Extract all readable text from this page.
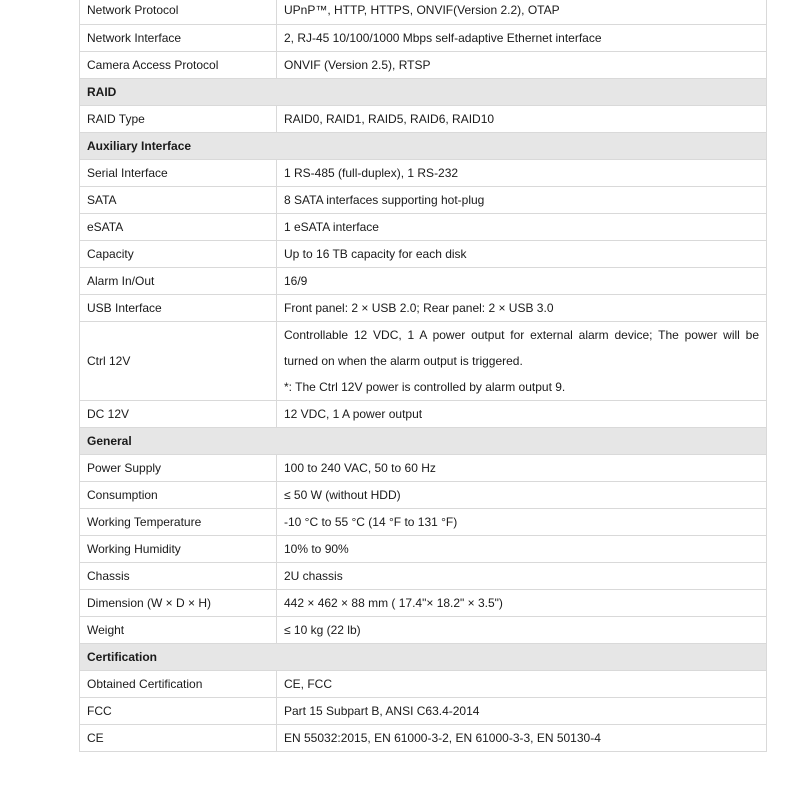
Network Protocol	UPnP™, HTTP, HTTPS, ONVIF(Version 2.2), OTAP

Network Interface	2, RJ-45 10/100/1000 Mbps self-adaptive Ethernet interface

Camera Access Protocol	ONVIF (Version 2.5), RTSP

RAID	
RAID Type	RAID0, RAID1, RAID5, RAID6, RAID10

Auxiliary Interface	
Serial Interface	1 RS-485 (full-duplex), 1 RS-232

SATA	8 SATA interfaces supporting hot-plug

eSATA	1 eSATA interface

Capacity	Up to 16 TB capacity for each disk

Alarm In/Out	16/9

USB Interface	Front panel: 2 × USB 2.0; Rear panel: 2 × USB 3.0

Ctrl 12V	Controllable 12 VDC, 1 A power output for external alarm device; The power will be
turned on when the alarm output is triggered.
*: The Ctrl 12V power is controlled by alarm output 9.

DC 12V	12 VDC, 1 A power output

General	
Power Supply	100 to 240 VAC, 50 to 60 Hz

Consumption	≤ 50 W (without HDD)

Working Temperature	-10 °C to 55 °C (14 °F to 131 °F)

Working Humidity	10% to 90%

Chassis	2U chassis

Dimension (W × D × H)	442 × 462 × 88 mm ( 17.4"× 18.2" × 3.5")

Weight	≤ 10 kg (22 lb)

Certification	
Obtained Certification	CE, FCC

FCC	Part 15 Subpart B, ANSI C63.4-2014

CE	EN 55032:2015, EN 61000-3-2, EN 61000-3-3, EN 50130-4
